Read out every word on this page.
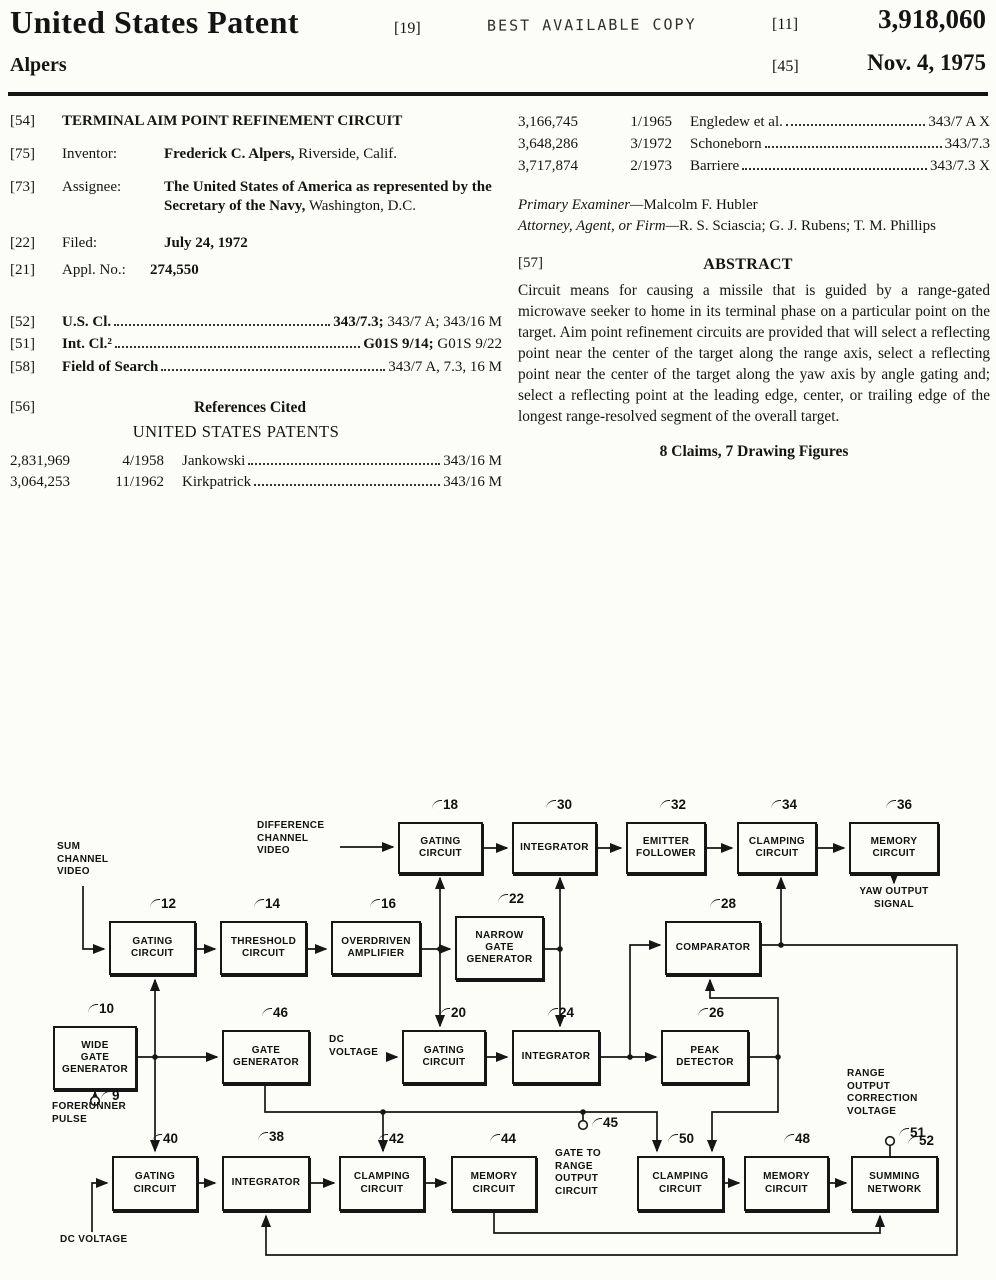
United States Patent	[19]	BEST AVAILABLE COPY	[11]	3,918,060
Alpers	[45]	Nov. 4, 1975
[54]	TERMINAL AIM POINT REFINEMENT CIRCUIT
[75]	Inventor:	Frederick C. Alpers, Riverside, Calif.
[73]	Assignee:	The United States of America as represented by the Secretary of the Navy, Washington, D.C.
[22]	Filed:	July 24, 1972
[21]	Appl. No.:	274,550
[52]	U.S. Cl.	343/7.3; 343/7 A; 343/16 M
[51]	Int. Cl.²	G01S 9/14; G01S 9/22
[58]	Field of Search	343/7 A, 7.3, 16 M
[56]	References Cited
UNITED STATES PATENTS
2,831,969	4/1958 Jankowski	343/16 M
3,064,253	11/1962 Kirkpatrick	343/16 M
3,166,745	1/1965 Engledew et al.	343/7 A X
3,648,286	3/1972 Schoneborn	343/7.3
3,717,874	2/1973 Barriere	343/7.3 X
Primary Examiner—Malcolm F. Hubler
Attorney, Agent, or Firm—R. S. Sciascia; G. J. Rubens; T. M. Phillips
[57]	ABSTRACT
Circuit means for causing a missile that is guided by a range-gated microwave seeker to home in its terminal phase on a particular point on the target. Aim point refinement circuits are provided that will select a reflecting point near the center of the target along the range axis, select a reflecting point near the center of the target along the yaw axis by angle gating and; select a reflecting point at the leading edge, center, or trailing edge of the longest range-resolved segment of the overall target.
8 Claims, 7 Drawing Figures
GATING
CIRCUIT
18
INTEGRATOR
30
EMITTER
FOLLOWER
32
CLAMPING
CIRCUIT
34
MEMORY
CIRCUIT
36
GATING
CIRCUIT
12
THRESHOLD
CIRCUIT
14
OVERDRIVEN
AMPLIFIER
16
NARROW
GATE
GENERATOR
22
COMPARATOR
28
WIDE
GATE
GENERATOR
10
GATE
GENERATOR
46
GATING
CIRCUIT
20
INTEGRATOR
24
PEAK
DETECTOR
26
GATING
CIRCUIT
40
INTEGRATOR
38
CLAMPING
CIRCUIT
42
MEMORY
CIRCUIT
44
CLAMPING
CIRCUIT
50
MEMORY
CIRCUIT
48
SUMMING
NETWORK
52
SUM
CHANNEL
VIDEO
DIFFERENCE
CHANNEL
VIDEO
YAW OUTPUT
SIGNAL
DC
VOLTAGE
RANGE
OUTPUT
CORRECTION
VOLTAGE
FORERUNNER
PULSE
GATE TO
RANGE
OUTPUT
CIRCUIT
DC VOLTAGE
9
45
51
